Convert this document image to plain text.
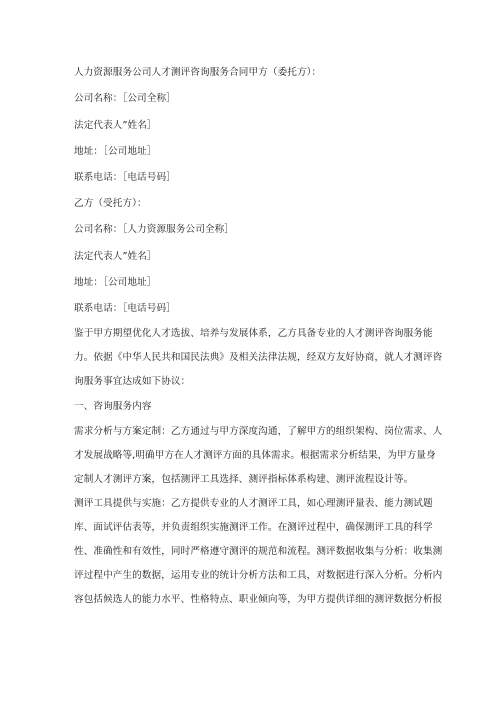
人力资源服务公司人才测评咨询服务合同甲方（委托方）：
公司名称：［公司全称］
法定代表人”姓名］
地址：［公司地址］
联系电话：［电话号码］
乙方（受托方）：
公司名称：［人力资源服务公司全称］
法定代表人”姓名］
地址：［公司地址］
联系电话：［电话号码］
鉴于甲方期望优化人才选拔、培养与发展体系，乙方具备专业的人才测评咨询服务能
力。依据《中华人民共和国民法典》及相关法律法规，经双方友好协商，就人才测评咨
询服务事宜达成如下协议：
一、咨询服务内容
需求分析与方案定制：乙方通过与甲方深度沟通，了解甲方的组织架构、岗位需求、人
才发展战略等,明确甲方在人才测评方面的具体需求。根据需求分析结果，为甲方量身
定制人才测评方案，包括测评工具选择、测评指标体系构建、测评流程设计等。
测评工具提供与实施：乙方提供专业的人才测评工具，如心理测评量表、能力测试题
库、面试评估表等，并负责组织实施测评工作。在测评过程中，确保测评工具的科学
性、准确性和有效性，同时严格遵守测评的规范和流程。测评数据收集与分析：收集测
评过程中产生的数据，运用专业的统计分析方法和工具，对数据进行深入分析。分析内
容包括候选人的能力水平、性格特点、职业倾向等，为甲方提供详细的测评数据分析报
